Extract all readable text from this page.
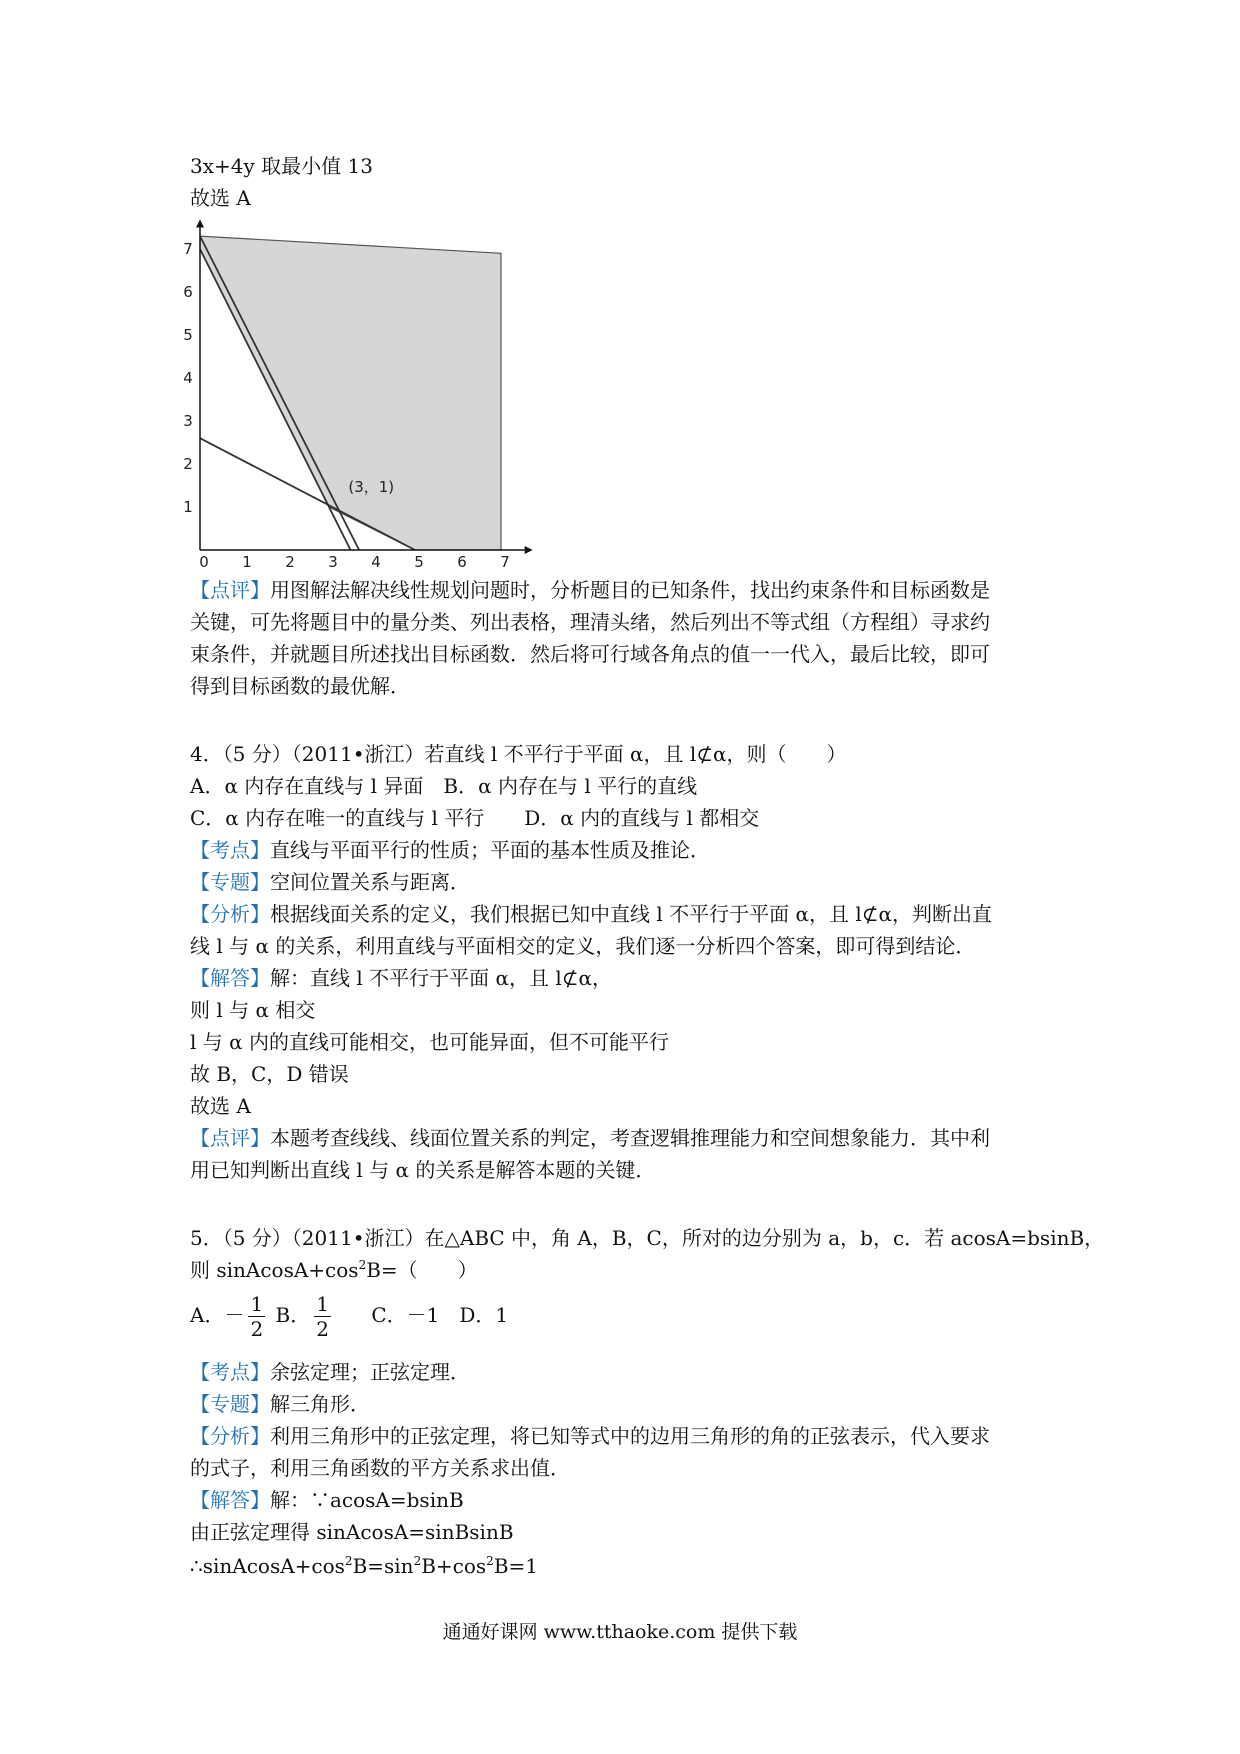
3x+4y 取最小值 13
故选 A
0 1 2 3 4 5 6 7
1
2
3
4
5
6
7
(3，1)
【点评】用图解法解决线性规划问题时，分析题目的已知条件，找出约束条件和目标函数是
关键，可先将题目中的量分类、列出表格，理清头绪，然后列出不等式组（方程组）寻求约
束条件，并就题目所述找出目标函数．然后将可行域各角点的值一一代入，最后比较，即可
得到目标函数的最优解．
4．（5 分）（2011•浙江）若直线 l 不平行于平面 α，且 l⊄α，则（　　）
A．α 内存在直线与 l 异面　B．α 内存在与 l 平行的直线
C．α 内存在唯一的直线与 l 平行　　D．α 内的直线与 l 都相交
【考点】直线与平面平行的性质；平面的基本性质及推论．
【专题】空间位置关系与距离．
【分析】根据线面关系的定义，我们根据已知中直线 l 不平行于平面 α，且 l⊄α，判断出直
线 l 与 α 的关系，利用直线与平面相交的定义，我们逐一分析四个答案，即可得到结论．
【解答】解：直线 l 不平行于平面 α，且 l⊄α，
则 l 与 α 相交
l 与 α 内的直线可能相交，也可能异面，但不可能平行
故 B，C，D 错误
故选 A
【点评】本题考查线线、线面位置关系的判定，考查逻辑推理能力和空间想象能力．其中利
用已知判断出直线 l 与 α 的关系是解答本题的关键．
5．（5 分）（2011•浙江）在△ABC 中，角 A，B，C，所对的边分别为 a，b，c．若 acosA=bsinB，
则 $sinAcosA+\cos^2B=$（　　）
A．－ $\frac{1}{2}$ B． $\frac{1}{2}$ C．－1　D．1
【考点】余弦定理；正弦定理．
【专题】解三角形．
【分析】利用三角形中的正弦定理，将已知等式中的边用三角形的角的正弦表示，代入要求
的式子，利用三角函数的平方关系求出值．
【解答】解：∵acosA=bsinB
由正弦定理得 sinAcosA=sinBsinB
$\therefore sinAcosA+\cos^2B=\sin^2B+\cos^2B=1$
通通好课网 www.tthaoke.com 提供下载
